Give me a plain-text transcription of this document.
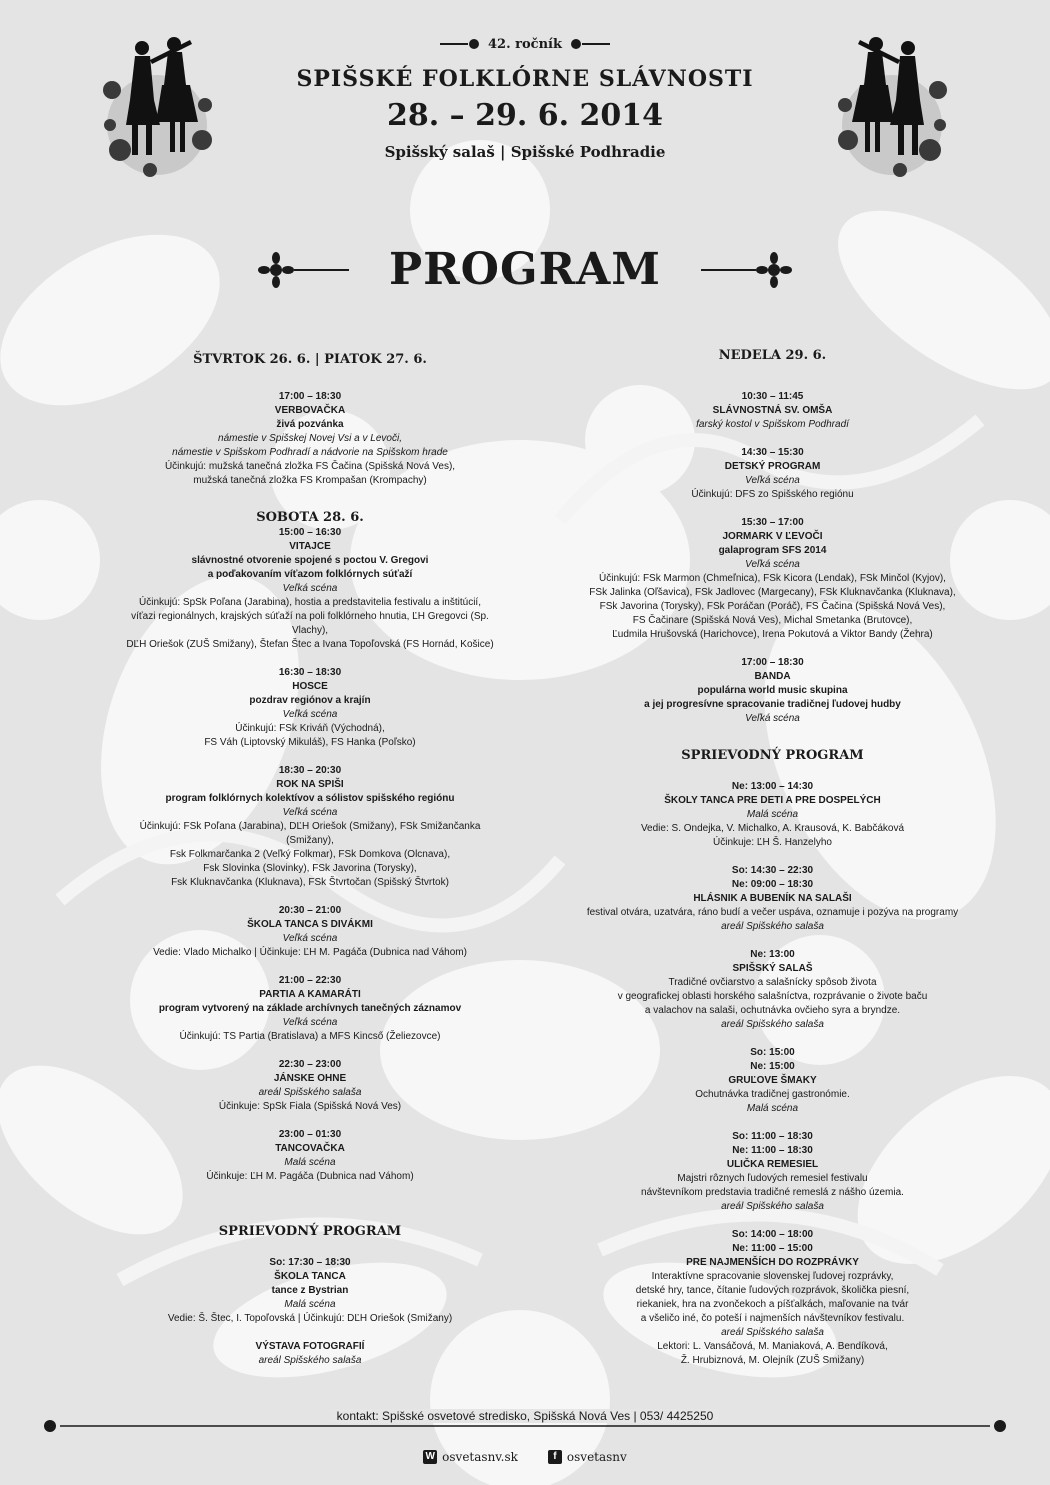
42. ročník
SPIŠSKÉ FOLKLÓRNE SLÁVNOSTI
28. – 29. 6. 2014
Spišský salaš | Spišské Podhradie
PROGRAM
ŠTVRTOK 26. 6. | PIATOK 27. 6.
17:00 – 18:30
VERBOVAČKA
živá pozvánka
námestie v Spišskej Novej Vsi a v Levoči,
námestie v Spišskom Podhradí a nádvorie na Spišskom hrade
Účinkujú: mužská tanečná zložka FS Čačina (Spišská Nová Ves),
mužská tanečná zložka FS Krompašan (Krompachy)
SOBOTA 28. 6.
15:00 – 16:30
VITAJCE
slávnostné otvorenie spojené s poctou V. Gregovi
a poďakovaním víťazom folklórnych súťaží
Veľká scéna
Účinkujú: SpSk Poľana (Jarabina), hostia a predstavitelia festivalu a inštitúcií,
víťazi regionálnych, krajských súťaží na poli folklórneho hnutia, ĽH Gregovci (Sp. Vlachy),
DĽH Oriešok (ZUŠ Smižany), Štefan Štec a Ivana Topoľovská (FS Hornád, Košice)
16:30 – 18:30
HOSCE
pozdrav regiónov a krajín
Veľká scéna
Účinkujú: FSk Kriváň (Východná),
FS Váh (Liptovský Mikuláš), FS Hanka (Poľsko)
18:30 – 20:30
ROK NA SPIŠI
program folklórnych kolektívov a sólistov spišského regiónu
Veľká scéna
Účinkujú: FSk Poľana (Jarabina), DĽH Oriešok (Smižany), FSk Smižančanka (Smižany),
Fsk Folkmarčanka 2 (Veľký Folkmar), FSk Domkova (Olcnava),
Fsk Slovinka (Slovinky), FSk Javorina (Torysky),
Fsk Kluknavčanka (Kluknava), FSk Štvrtočan (Spišský Štvrtok)
20:30 – 21:00
ŠKOLA TANCA S DIVÁKMI
Veľká scéna
Vedie: Vlado Michalko | Účinkuje: ĽH M. Pagáča (Dubnica nad Váhom)
21:00 – 22:30
PARTIA A KAMARÁTI
program vytvorený na základe archívnych tanečných záznamov
Veľká scéna
Účinkujú: TS Partia (Bratislava) a MFS Kincső (Želiezovce)
22:30 – 23:00
JÁNSKE OHNE
areál Spišského salaša
Účinkuje: SpSk Fiala (Spišská Nová Ves)
23:00 – 01:30
TANCOVAČKA
Malá scéna
Účinkuje: ĽH M. Pagáča (Dubnica nad Váhom)
SPRIEVODNÝ PROGRAM
So: 17:30 – 18:30
ŠKOLA TANCA
tance z Bystrian
Malá scéna
Vedie: Š. Štec, I. Topoľovská | Účinkujú: DĽH Oriešok (Smižany)
VÝSTAVA FOTOGRAFIÍ
areál Spišského salaša
NEDELA 29. 6.
10:30 – 11:45
SLÁVNOSTNÁ SV. OMŠA
farský kostol v Spišskom Podhradí
14:30 – 15:30
DETSKÝ PROGRAM
Veľká scéna
Účinkujú: DFS zo Spišského regiónu
15:30 – 17:00
JORMARK V ĽEVOČI
galaprogram SFS 2014
Veľká scéna
Účinkujú: FSk Marmon (Chmeľnica), FSk Kicora (Lendak), FSk Minčol (Kyjov),
FSk Jalinka (Oľšavica), FSk Jadlovec (Margecany), FSk Kluknavčanka (Kluknava),
FSk Javorina (Torysky), FSk Poráčan (Poráč), FS Čačina (Spišská Nová Ves),
FS Čačinare (Spišská Nová Ves), Michal Smetanka (Brutovce),
Ľudmila Hrušovská (Harichovce), Irena Pokutová a Viktor Bandy (Žehra)
17:00 – 18:30
BANDA
populárna world music skupina
a jej progresívne spracovanie tradičnej ľudovej hudby
Veľká scéna
SPRIEVODNÝ PROGRAM
Ne: 13:00 – 14:30
ŠKOLY TANCA PRE DETI A PRE DOSPELÝCH
Malá scéna
Vedie: S. Ondejka, V. Michalko, A. Krausová, K. Babčáková
Účinkuje: ĽH Š. Hanzelyho
So: 14:30 – 22:30
Ne: 09:00 – 18:30
HLÁSNIK A BUBENÍK NA SALAŠI
festival otvára, uzatvára, ráno budí a večer uspáva, oznamuje i pozýva na programy
areál Spišského salaša
Ne: 13:00
SPIŠSKÝ SALAŠ
Tradičné ovčiarstvo a salašnícky spôsob života
v geografickej oblasti horského salašníctva, rozprávanie o živote baču
a valachov na salaši, ochutnávka ovčieho syra a bryndze.
areál Spišského salaša
So: 15:00
Ne: 15:00
GRUĽOVE ŠMAKY
Ochutnávka tradičnej gastronómie.
Malá scéna
So: 11:00 – 18:30
Ne: 11:00 – 18:30
ULIČKA REMESIEL
Majstri rôznych ľudových remesiel festivalu
návštevníkom predstavia tradičné remeslá z nášho územia.
areál Spišského salaša
So: 14:00 – 18:00
Ne: 11:00 – 15:00
PRE NAJMENŠÍCH DO ROZPRÁVKY
Interaktívne spracovanie slovenskej ľudovej rozprávky,
detské hry, tance, čítanie ľudových rozprávok, školička piesní,
riekaniek, hra na zvončekoch a píšťalkách, maľovanie na tvár
a všeličo iné, čo poteší i najmenších návštevníkov festivalu.
areál Spišského salaša
Lektori: L. Vansáčová, M. Maniaková, A. Bendíková,
Ž. Hrubiznová, M. Olejník (ZUŠ Smižany)
kontakt: Spišské osvetové stredisko, Spišská Nová Ves | 053/ 4425250
W osvetasnv.sk	f osvetasnv
